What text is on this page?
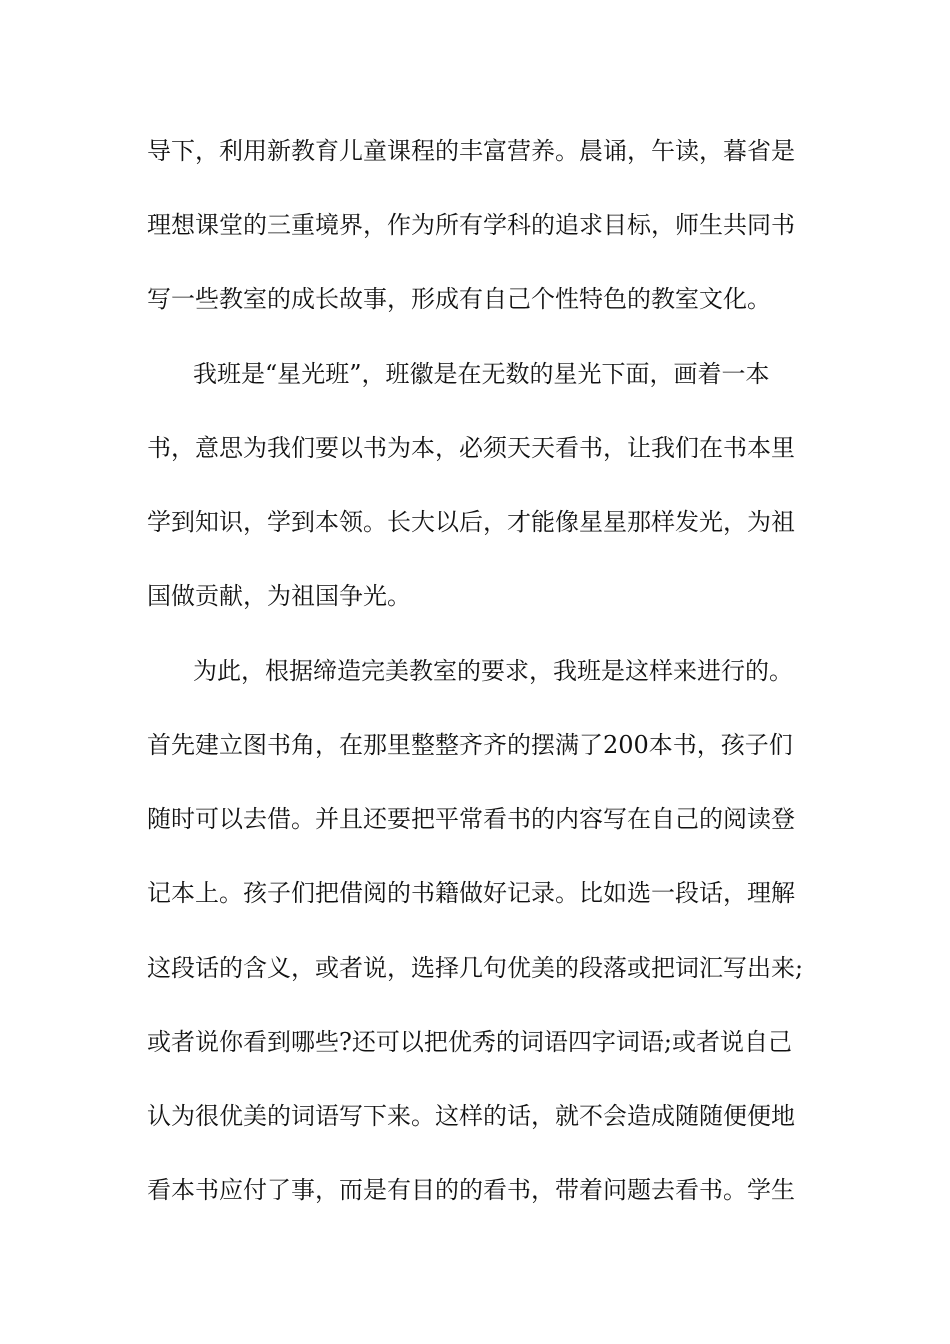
导下，利用新教育儿童课程的丰富营养。晨诵，午读，暮省是
理想课堂的三重境界，作为所有学科的追求目标，师生共同书
写一些教室的成长故事，形成有自己个性特色的教室文化。
我班是“星光班”，班徽是在无数的星光下面，画着一本
书，意思为我们要以书为本，必须天天看书，让我们在书本里
学到知识，学到本领。长大以后，才能像星星那样发光，为祖
国做贡献，为祖国争光。
为此，根据缔造完美教室的要求，我班是这样来进行的。
首先建立图书角，在那里整整齐齐的摆满了200本书，孩子们
随时可以去借。并且还要把平常看书的内容写在自己的阅读登
记本上。孩子们把借阅的书籍做好记录。比如选一段话，理解
这段话的含义，或者说，选择几句优美的段落或把词汇写出来;
或者说你看到哪些?还可以把优秀的词语四字词语;或者说自己
认为很优美的词语写下来。这样的话，就不会造成随随便便地
看本书应付了事，而是有目的的看书，带着问题去看书。学生
